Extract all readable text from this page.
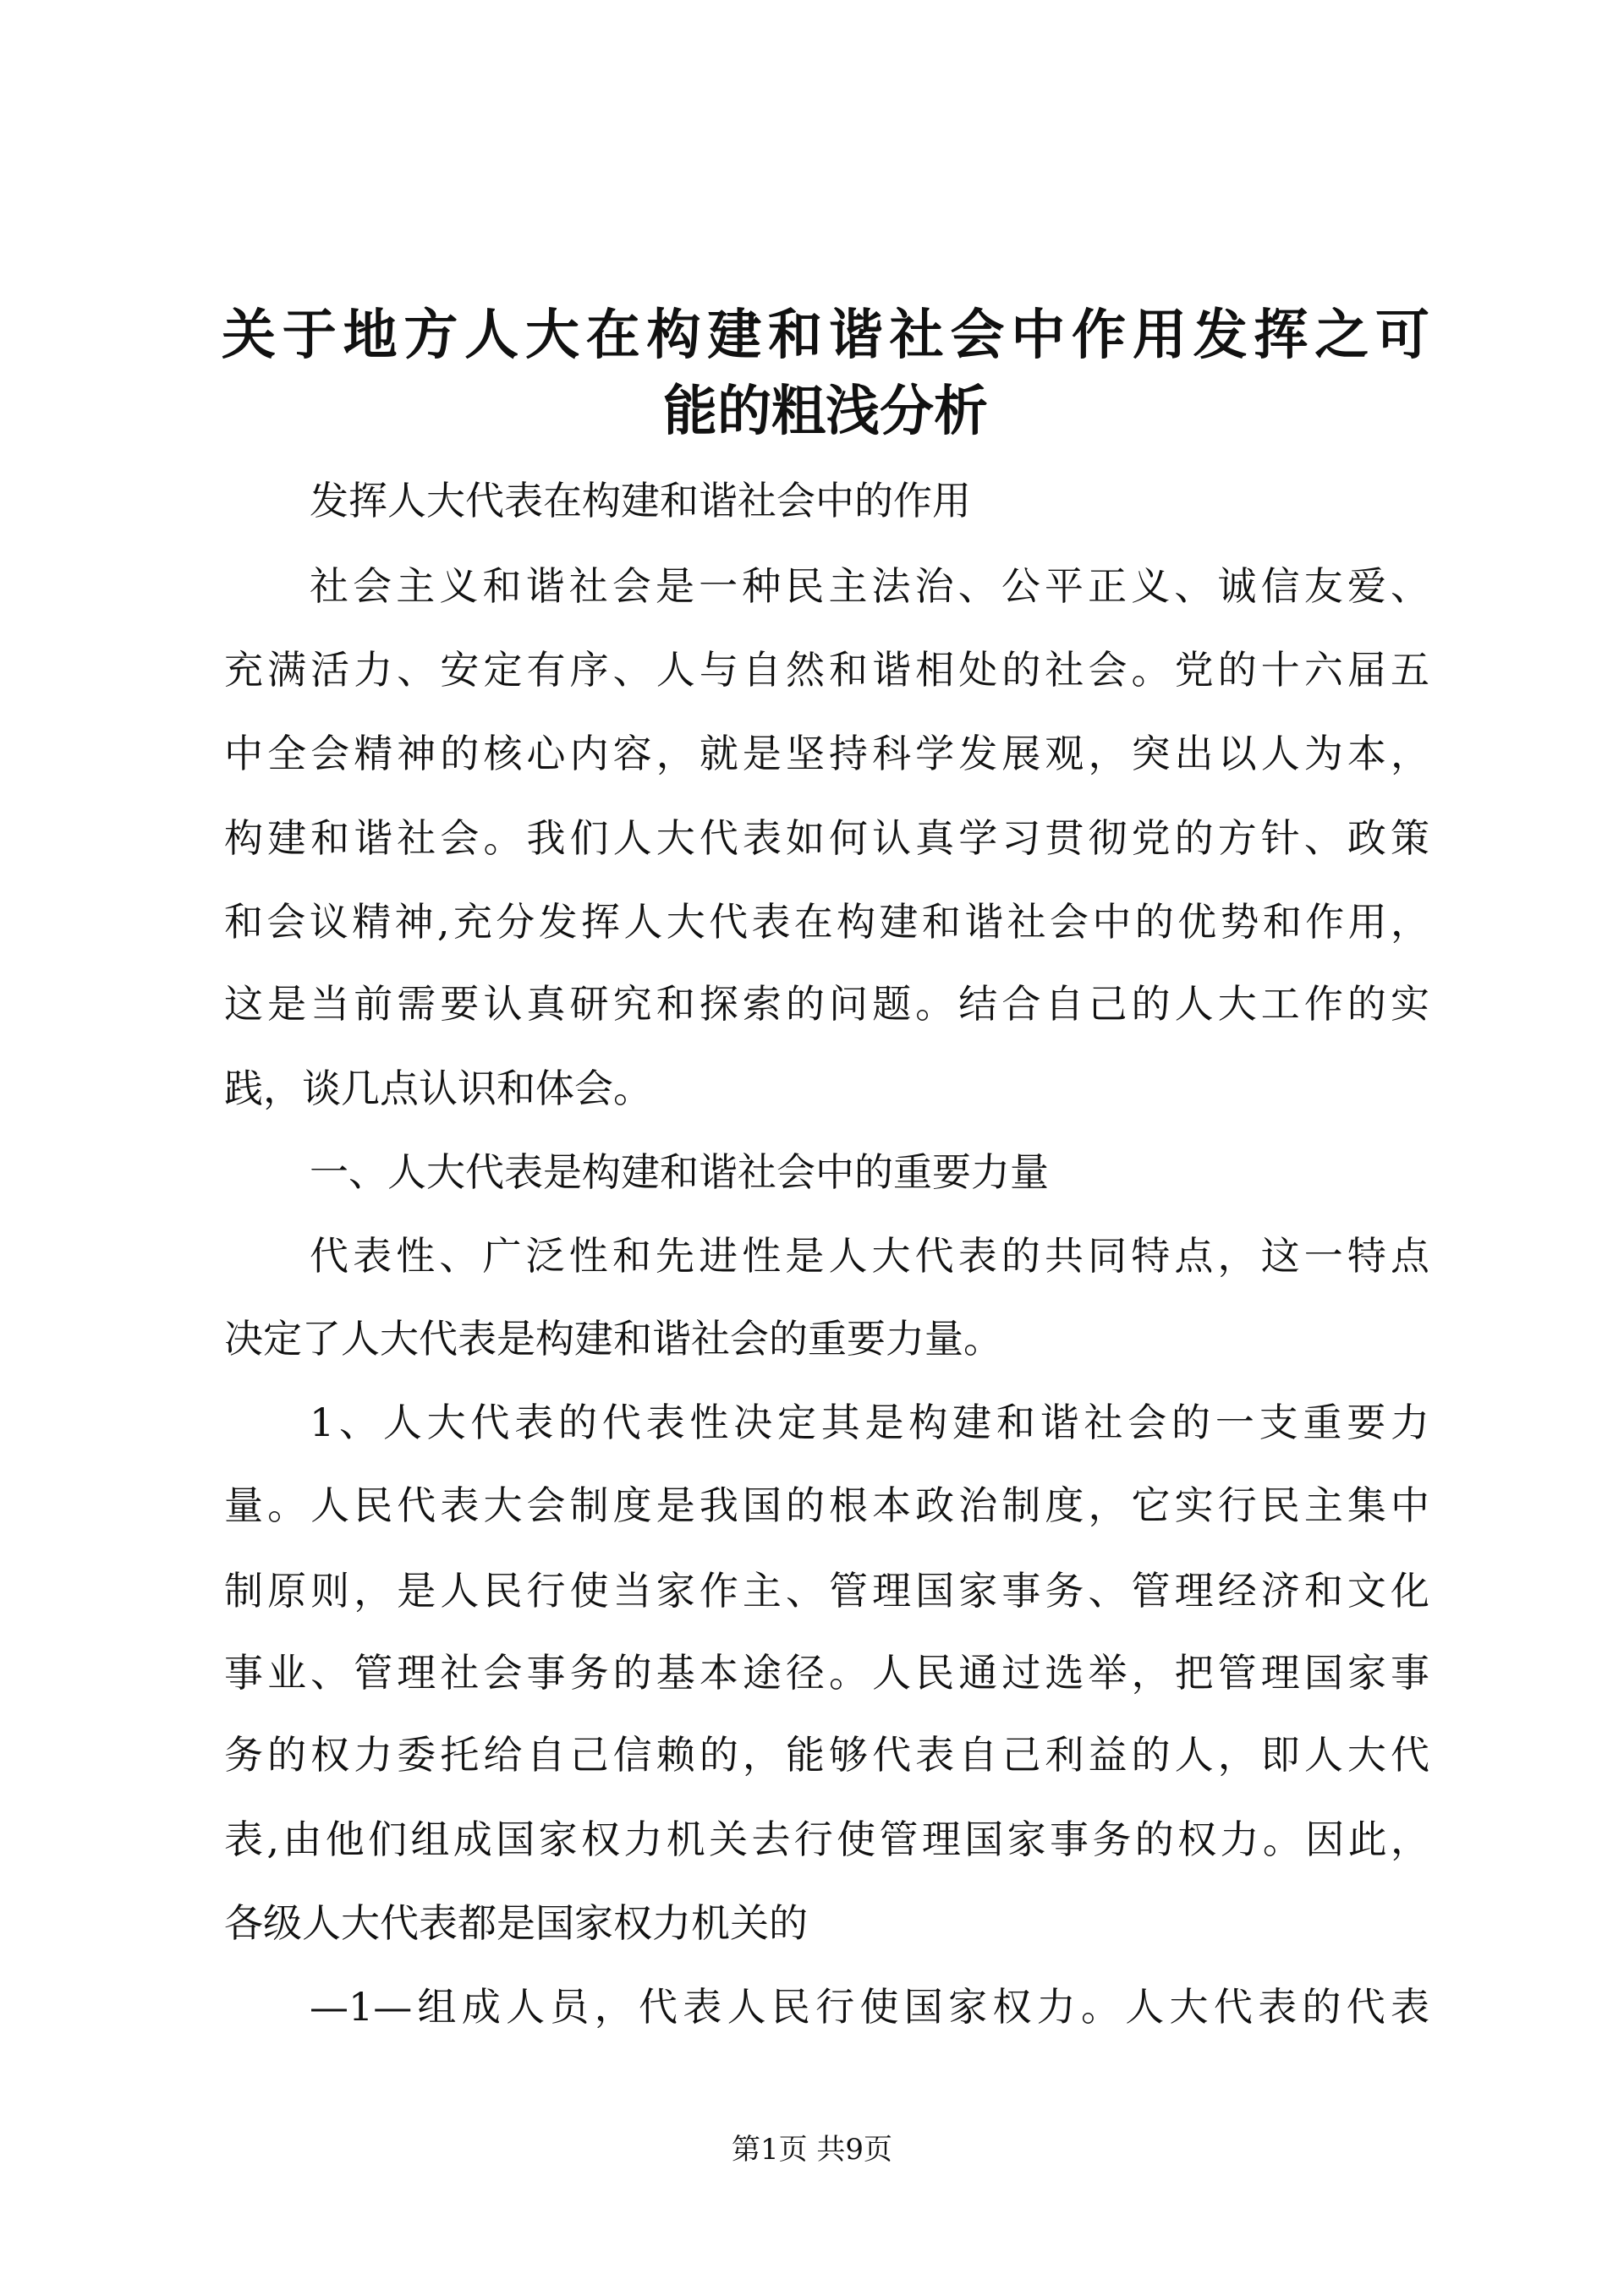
关于地方人大在构建和谐社会中作用发挥之可
能的粗浅分析
发挥人大代表在构建和谐社会中的作用
社会主义和谐社会是一种民主法治、公平正义、诚信友爱、
充满活力、安定有序、人与自然和谐相处的社会。党的十六届五
中全会精神的核心内容，就是坚持科学发展观，突出以人为本，
构建和谐社会。我们人大代表如何认真学习贯彻党的方针、政策
和会议精神,充分发挥人大代表在构建和谐社会中的优势和作用，
这是当前需要认真研究和探索的问题。结合自己的人大工作的实
践，谈几点认识和体会。
一、人大代表是构建和谐社会中的重要力量
代表性、广泛性和先进性是人大代表的共同特点，这一特点
决定了人大代表是构建和谐社会的重要力量。
1、人大代表的代表性决定其是构建和谐社会的一支重要力
量。人民代表大会制度是我国的根本政治制度，它实行民主集中
制原则，是人民行使当家作主、管理国家事务、管理经济和文化
事业、管理社会事务的基本途径。人民通过选举，把管理国家事
务的权力委托给自己信赖的，能够代表自己利益的人，即人大代
表,由他们组成国家权力机关去行使管理国家事务的权力。因此，
各级人大代表都是国家权力机关的
—1—组成人员，代表人民行使国家权力。人大代表的代表
第1页 共9页
